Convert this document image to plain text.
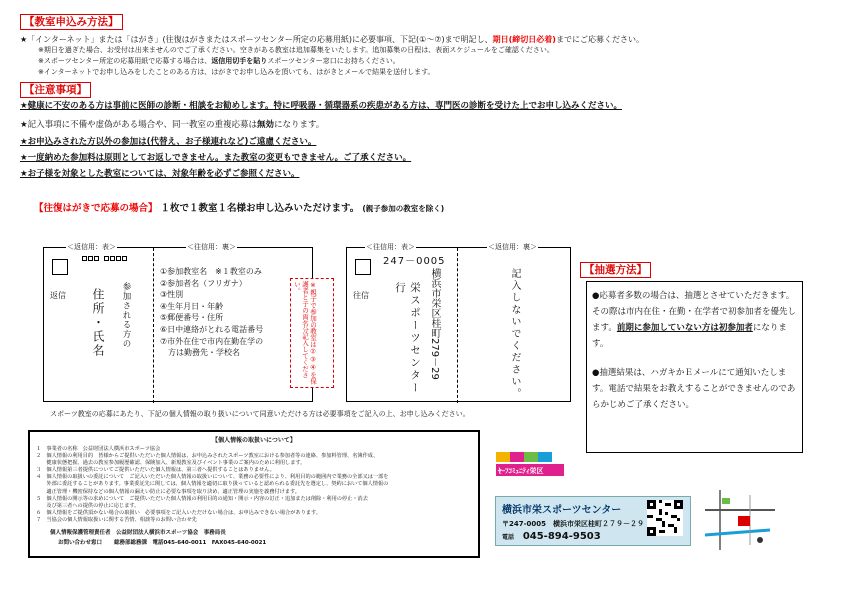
【教室申込み方法】
★「インターネット」または「はがき」(往復はがきまたはスポーツセンター所定の応募用紙)に必要事項、下記(①～⑦)まで明記し、期日(締切日必着)までにご応募ください。
※期日を過ぎた場合、お受付は出来ませんのでご了承ください。空きがある教室は追加募集をいたします。追加募集の日程は、表面スケジュールをご確認ください。
※スポーツセンター所定の応募用紙で応募する場合は、返信用切手を貼りスポーツセンター窓口にお持ちください。
※インターネットでお申し込みをしたことのある方は、はがきでお申し込みを頂いても、はがきとメールで結果を送付します。
【注意事項】
★健康に不安のある方は事前に医師の診断・相談をお勧めします。特に呼吸器・循環器系の疾患がある方は、専門医の診断を受けた上でお申し込みください。
★記入事項に不備や虚偽がある場合や、同一教室の重複応募は無効になります。
★お申込みされた方以外の参加は(代替え、お子様連れなど)ご遠慮ください。
★一度納めた参加料は原則としてお返しできません。また教室の変更もできません。ご了承ください。
★お子様を対象とした教室については、対象年齢を必ずご参照ください。
【往復はがきで応募の場合】 １枚で１教室１名様お申し込みいただけます。 (親子参加の教室を除く)
＜返信用：表＞	＜往信用：裏＞
返信 住所・氏名 参加される方の
①参加教室名　※１教室のみ
②参加者名（フリガナ）
③性別
④生年月日・年齢
⑤郵便番号・住所
⑥日中連絡がとれる電話番号
⑦市外在住で市内在勤在学の
　方は勤務先・学校名	※親子で参加の教室は②③④を保護者と子の両名分記入してください。
＜往信用：表＞	＜返信用：裏＞
247－0005
往信	横浜市栄区桂町279－29
栄スポーツセンター　行	記入しないでください。
スポーツ教室の応募にあたり、下記の個人情報の取り扱いについて同意いただける方は必要事項をご記入の上、お申し込みください。
【抽選方法】
●応募者多数の場合は、抽選とさせていただきます。その際は市内在住・在勤・在学者で初参加者を優先します。前期に参加していない方は初参加者になります。
●抽選結果は、ハガキかＥメールにて通知いたします。電話で結果をお教えすることができませんのであらかじめご了承ください。
【個人情報の取扱いについて】
１　事業者の名称　公益財団法人横浜市スポーツ協会
２　個人情報の利用目的　皆様からご提供いただいた個人情報は、お申込みされたスポーツ教室における参加者等の連絡、参加料管理、名簿作成、
　　健康状態把握、過去の教室参加履歴確認、保険加入、新規教室及びイベント事業のご案内のために利用します。
３　個人情報第三者提供についてご提供いただいた個人情報は、第三者へ提供することはありません。
４　個人情報の取扱いの委託について　ご記入いただいた個人情報の取扱いについて、業務の必要性により、利用目的の範囲内で業務の全部又は一部を
　　外部に委託することがあります。事業委託先に関しては、個人情報を適切に取り扱っていると認められる委託先を選定し、契約において個人情報の
　　適正管理・機密保持などの個人情報の漏えい防止に必要な事項を取り決め、適正管理の実施を義務付けます。
５　個人情報の開示等の求めについて　ご提供いただいた個人情報の利用目的の通知・開示・内容の訂正・追加または削除・利用の停止・消去
　　及び第三者への提供の停止に応じます。
６　個人情報をご提供頂かない場合の取扱い　必要事項をご記入いただけない場合は、お申込みできない場合があります。
７　当協会の個人情報取扱いに関する苦情、相談等のお問い合わせ先
個人情報保護管理責任者　公益財団法人横浜市スポーツ協会　事務局長
お問い合わせ窓口 総務部総務課　電話045-640-0011　FAX045-640-0021
ｾｰﾌｺﾐｭﾆﾃｨ栄区
横浜市栄スポーツセンター
〒247-0005　横浜市栄区桂町２７９－２９
電話 045-894-9503
